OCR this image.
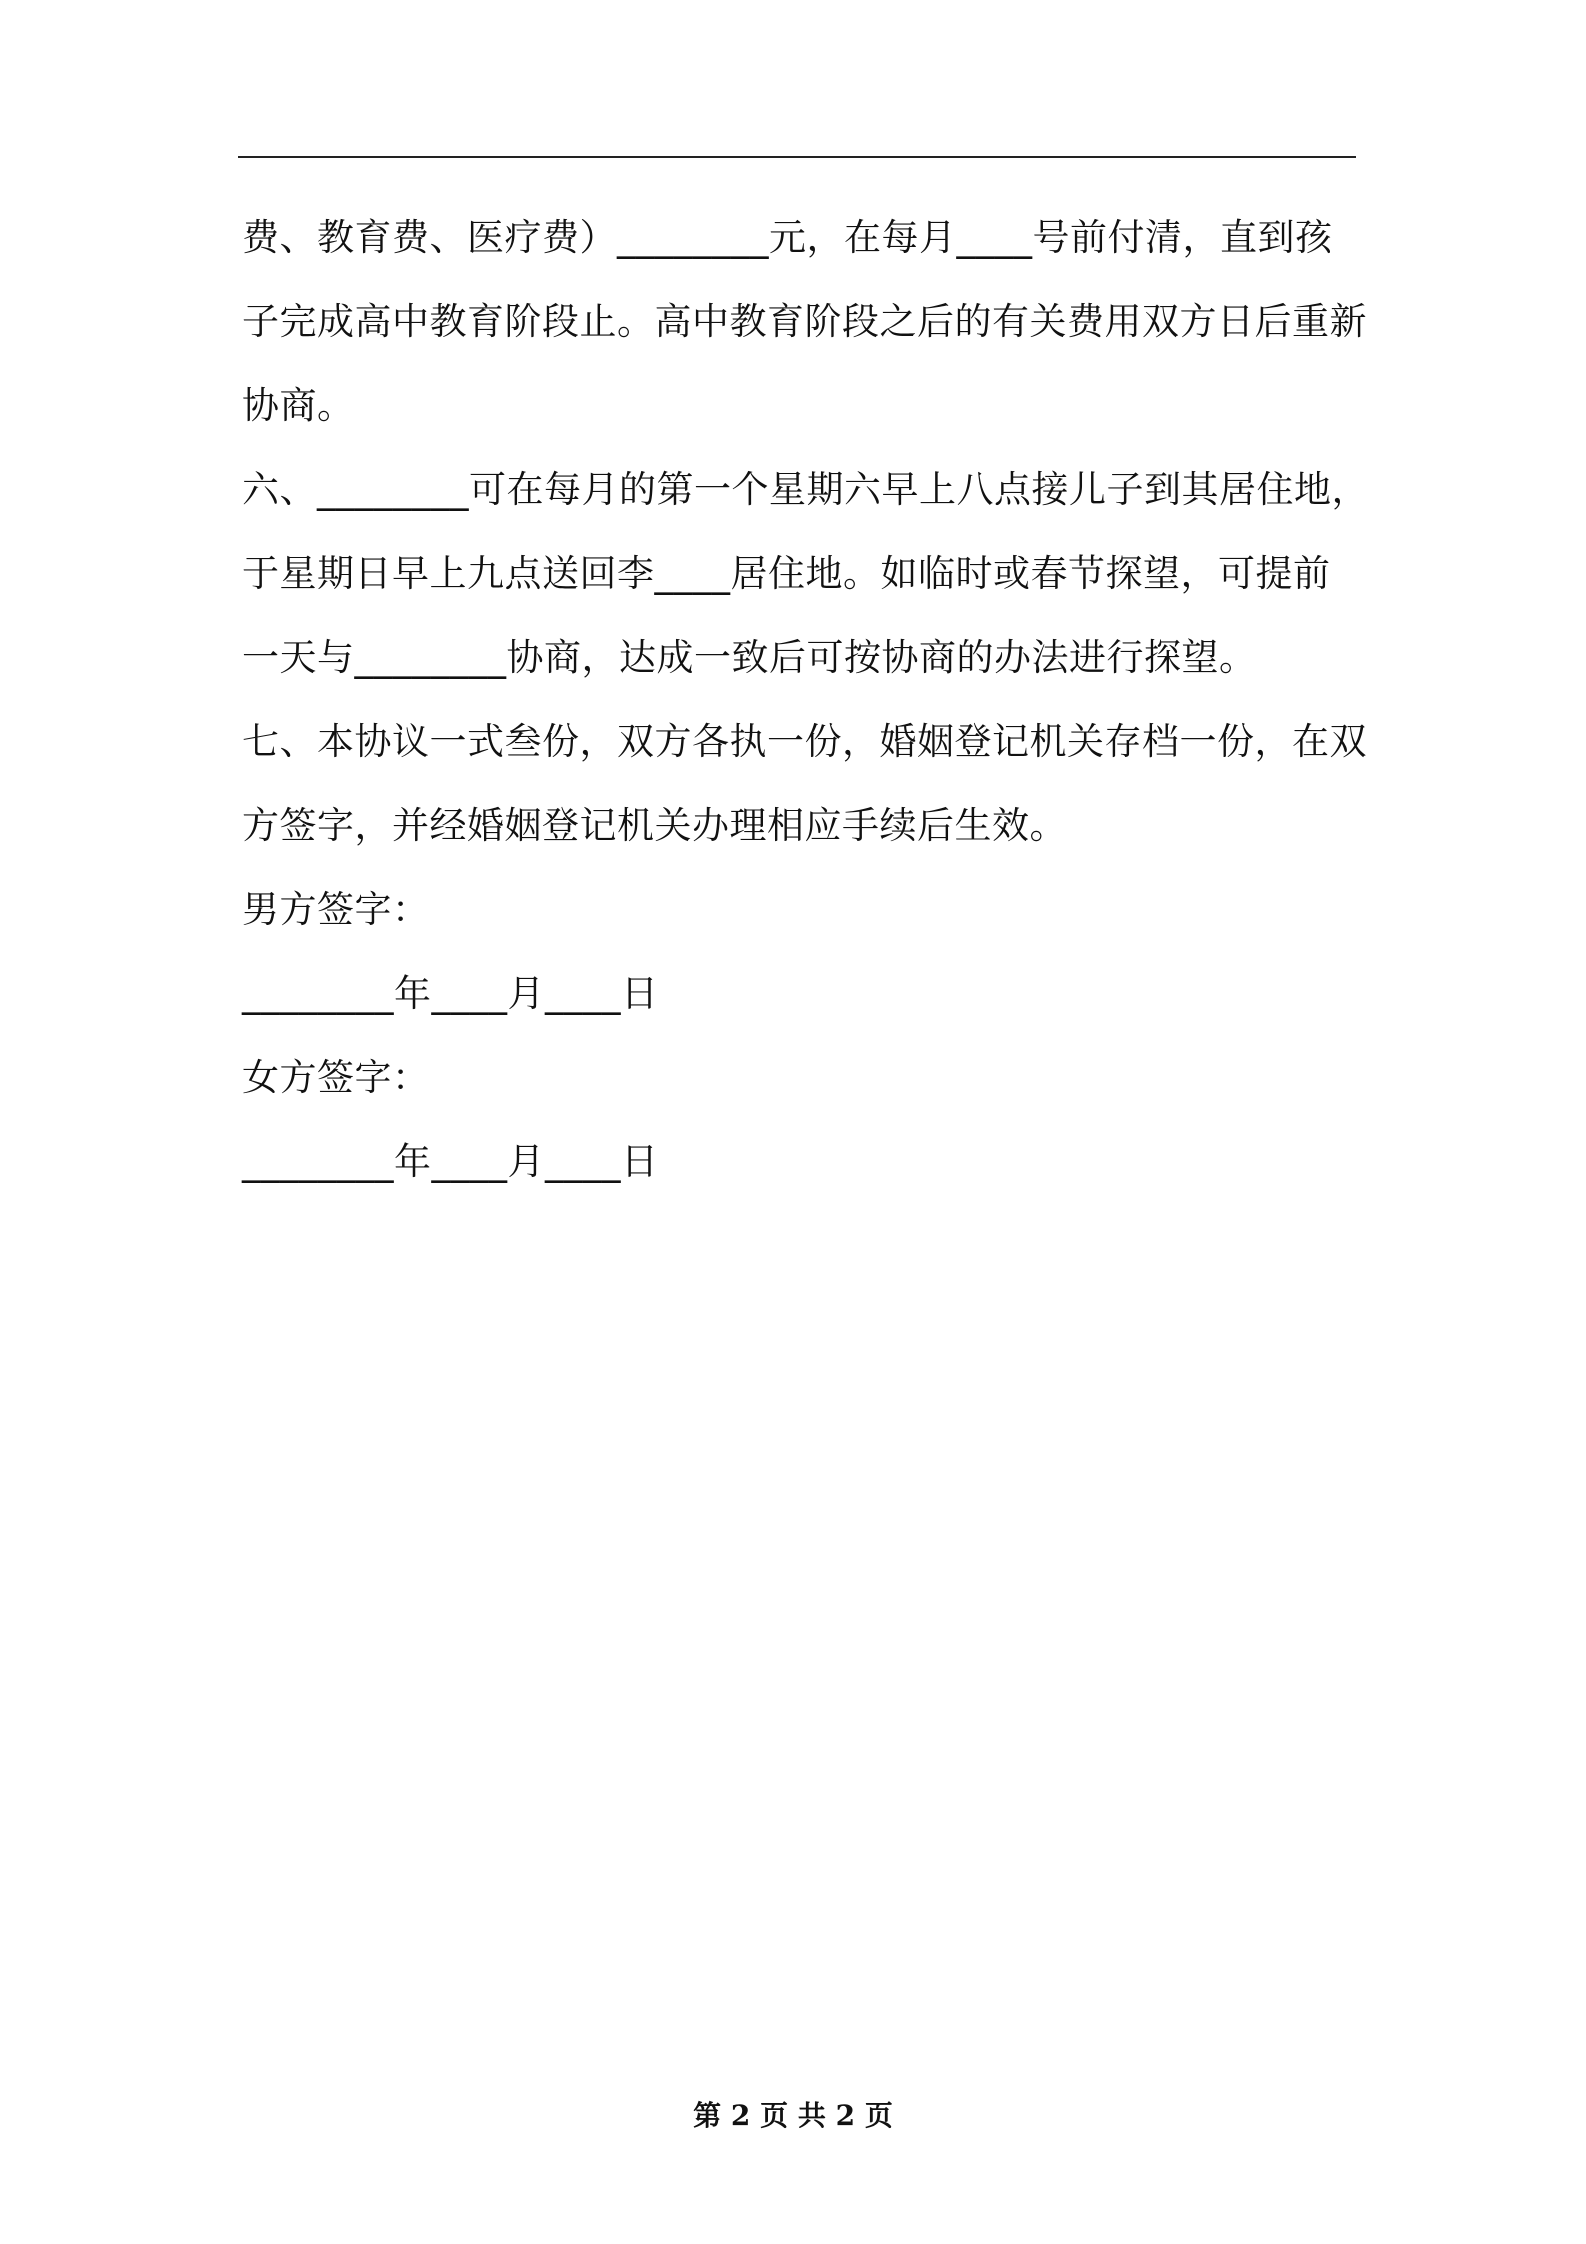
费、教育费、医疗费）________元，在每月____号前付清，直到孩
子完成高中教育阶段止。高中教育阶段之后的有关费用双方日后重新
协商。
六、________可在每月的第一个星期六早上八点接儿子到其居住地，
于星期日早上九点送回李____居住地。如临时或春节探望，可提前
一天与________协商，达成一致后可按协商的办法进行探望。
七、本协议一式叁份，双方各执一份，婚姻登记机关存档一份，在双
方签字，并经婚姻登记机关办理相应手续后生效。
男方签字：
________年____月____日
女方签字：
________年____月____日
第 2 页 共 2 页
